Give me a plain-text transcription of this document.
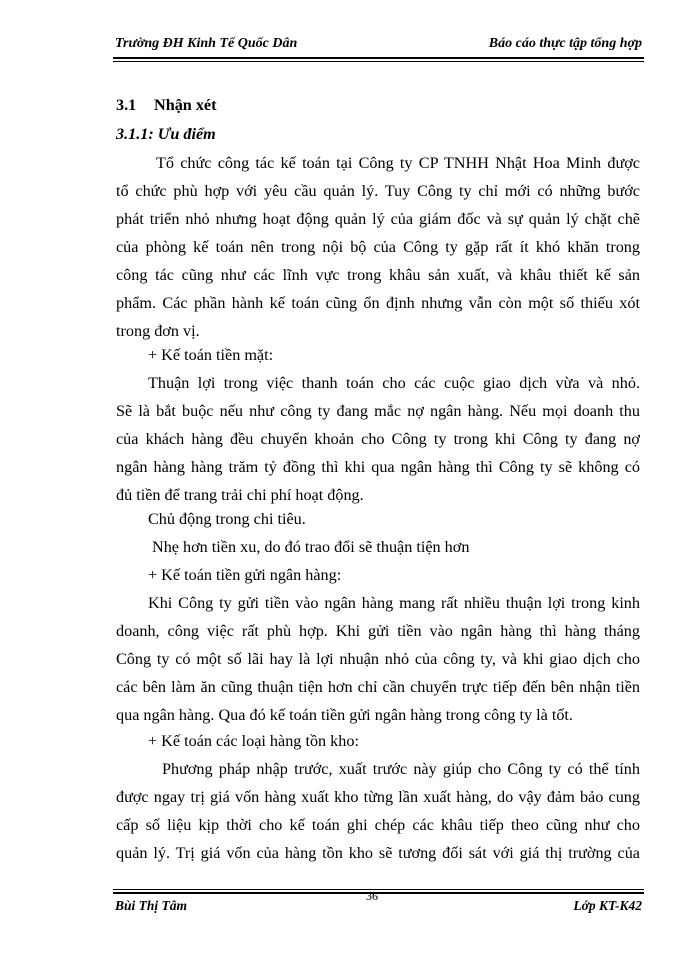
Trường ĐH Kinh Tế Quốc Dân	Báo cáo thực tập tổng hợp
3.1 Nhận xét
3.1.1: Ưu điểm
Tổ chức công tác kế toán tại Công ty CP TNHH Nhật Hoa Minh được
tổ chức phù hợp với yêu cầu quản lý. Tuy Công ty chỉ mới có những bước
phát triển nhỏ nhưng hoạt động quản lý của giám đốc và sự quản lý chặt chẽ
của phòng kế toán nên trong nội bộ của Công ty gặp rất ít khó khăn trong
công tác cũng như các lĩnh vực trong khâu sản xuất, và khâu thiết kế sản
phẩm. Các phần hành kế toán cũng ổn định nhưng vẫn còn một số thiếu xót
trong đơn vị.
+ Kế toán tiền mặt:
Thuận lợi trong việc thanh toán cho các cuộc giao dịch vừa và nhỏ.
Sẽ là bắt buộc nếu như công ty đang mắc nợ ngân hàng. Nếu mọi doanh thu
của khách hàng đều chuyển khoản cho Công ty trong khi Công ty đang nợ
ngân hàng hàng trăm tỷ đồng thì khi qua ngân hàng thì Công ty sẽ không có
đủ tiền để trang trải chi phí hoạt động.
Chủ động trong chi tiêu.
Nhẹ hơn tiền xu, do đó trao đổi sẽ thuận tiện hơn
+ Kế toán tiền gửi ngân hàng:
Khi Công ty gửi tiền vào ngân hàng mang rất nhiều thuận lợi trong kinh
doanh, công việc rất phù hợp. Khi gửi tiền vào ngân hàng thì hàng tháng
Công ty có một số lãi hay là lợi nhuận nhỏ của công ty, và khi giao dịch cho
các bên làm ăn cũng thuận tiện hơn chỉ cần chuyển trực tiếp đến bên nhận tiền
qua ngân hàng. Qua đó kế toán tiền gửi ngân hàng trong công ty là tốt.
+ Kế toán các loại hàng tồn kho:
Phương pháp nhập trước, xuất trước này giúp cho Công ty có thể tính
được ngay trị giá vốn hàng xuất kho từng lần xuất hàng, do vậy đảm bảo cung
cấp số liệu kịp thời cho kế toán ghi chép các khâu tiếp theo cũng như cho
quản lý. Trị giá vốn của hàng tồn kho sẽ tương đối sát với giá thị trường của
36
Bùi Thị Tâm	Lớp KT-K42
